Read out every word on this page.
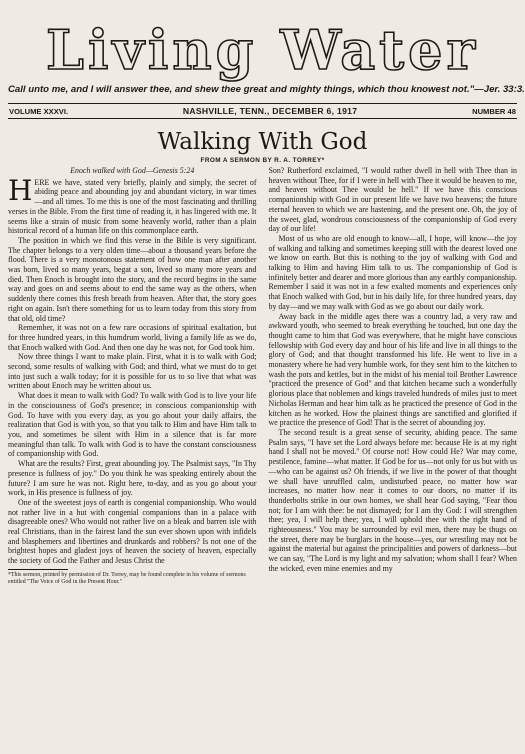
Living Water
Call unto me, and I will answer thee, and shew thee great and mighty things, which thou knowest not."—Jer. 33:3.
VOLUME XXXVI.	NASHVILLE, TENN., DECEMBER 6, 1917	NUMBER 48
Walking With God
FROM A SERMON BY R. A. TORREY*
Enoch walked with God—Genesis 5:24

HERE we have, stated very briefly, plainly and simply, the secret of abiding peace and abounding joy and abundant victory, in war times—and all times. To me this is one of the most fascinating and thrilling verses in the Bible. From the first time of reading it, it has lingered with me. It seems like a strain of music from some heavenly world, rather than a plain historical record of a human life on this commonplace earth.

The position in which we find this verse in the Bible is very significant. The chapter belongs to a very olden time—about a thousand years before the flood. There is a very monotonous statement of how one man after another was born, lived so many years, begat a son, lived so many more years and died. Then Enoch is brought into the story, and the record begins in the same way and goes on and seems about to end the same way as the others, when suddenly there comes this fresh breath from heaven. After that, the story goes right on again. Isn't there something for us to learn today from this story from that old, old time?

Remember, it was not on a few rare occasions of spiritual exaltation, but for three hundred years, in this humdrum world, living a family life as we do, that Enoch walked with God. And then one day he was not, for God took him.

Now three things I want to make plain. First, what it is to walk with God; second, some results of walking with God; and third, what we must do to get into just such a walk today; for it is possible for us to so live that what was written about Enoch may be written about us.

What does it mean to walk with God? To walk with God is to live your life in the consciousness of God's presence; in conscious companionship with God. To have with you every day, as you go about your daily affairs, the realization that God is with you, so that you talk to Him and have Him talk to you, and sometimes be silent with Him in a silence that is far more meaningful than talk. To walk with God is to have the constant consciousness of companionship with God.

What are the results? First, great abounding joy. The Psalmist says, "In Thy presence is fullness of joy." Do you think he was speaking entirely about the future? I am sure he was not. Right here, to-day, and as you go about your work, in His presence is fullness of joy.

One of the sweetest joys of earth is congenial companionship. Who would not rather live in a hut with congenial companions than in a palace with disagreeable ones? Who would not rather live on a bleak and barren isle with real Christians, than in the fairest land the sun ever shown upon with infidels and blasphemers and libertines and drunkards and robbers? Is not one of the brightest hopes and gladest joys of heaven the society of heaven, especially the society of God the Father and Jesus Christ the

*This sermon, printed by permission of Dr. Torrey, may be found complete in his volume of sermons entitled "The Voice of God in the Present Hour."

Son? Rutherford exclaimed, "I would rather dwell in hell with Thee than in heaven without Thee, for if I were in hell with Thee it would be heaven to me, and heaven without Thee would be hell." If we have this conscious companionship with God in our present life we have two heavens; the future eternal heaven to which we are hastening, and the present one. Oh, the joy of the sweet, glad, wondrous consciousness of the companionship of God every day of our life!

Most of us who are old enough to know—all, I hope, will know—the joy of walking and talking and sometimes keeping still with the dearest loved one we know on earth. But this is nothing to the joy of walking with God and talking to Him and having Him talk to us. The companionship of God is infinitely better and dearer and more glorious than any earthly companionship. Remember I said it was not in a few exalted moments and experiences only that Enoch walked with God, but in his daily life, for three hundred years, day by day—and we may walk with God as we go about our daily work.

Away back in the middle ages there was a country lad, a very raw and awkward youth, who seemed to break everything he touched, but one day the thought came to him that God was everywhere, that he might have conscious fellowship with God every day and hour of his life and live in all things to the glory of God; and that thought transformed his life. He went to live in a monastery where he had very humble work, for they sent him to the kitchen to wash the pots and kettles, but in the midst of his menial toil Brother Lawrence "practiced the presence of God" and that kitchen became such a wonderfully glorious place that noblemen and kings traveled hundreds of miles just to meet Nicholas Herman and hear him talk as he practiced the presence of God in the kitchen as he worked. How the plainest things are sanctified and glorified if we practice the presence of God! That is the secret of abounding joy.

The second result is a great sense of security, abiding peace. The same Psalm says, "I have set the Lord always before me: because He is at my right hand I shall not be moved." Of course not! How could He? War may come, pestilence, famine—what matter. If God be for us—not only for us but with us—who can be against us? Oh friends, if we live in the power of that thought we shall have unruffled calm, undisturbed peace, no matter how war increases, no matter how near it comes to our doors, no matter if its thunderbolts strike in our own homes, we shall hear God saying, "Fear thou not; for I am with thee: be not dismayed; for I am thy God: I will strengthen thee; yea, I will help thee; yea, I will uphold thee with the right hand of righteousness." You may be surrounded by evil men, there may be thugs on the street, there may be burglars in the house—yes, our wrestling may not be against the material but against the principalities and powers of darkness—but we can say, "The Lord is my light and my salvation; whom shall I fear? When the wicked, even mine enemies and my
